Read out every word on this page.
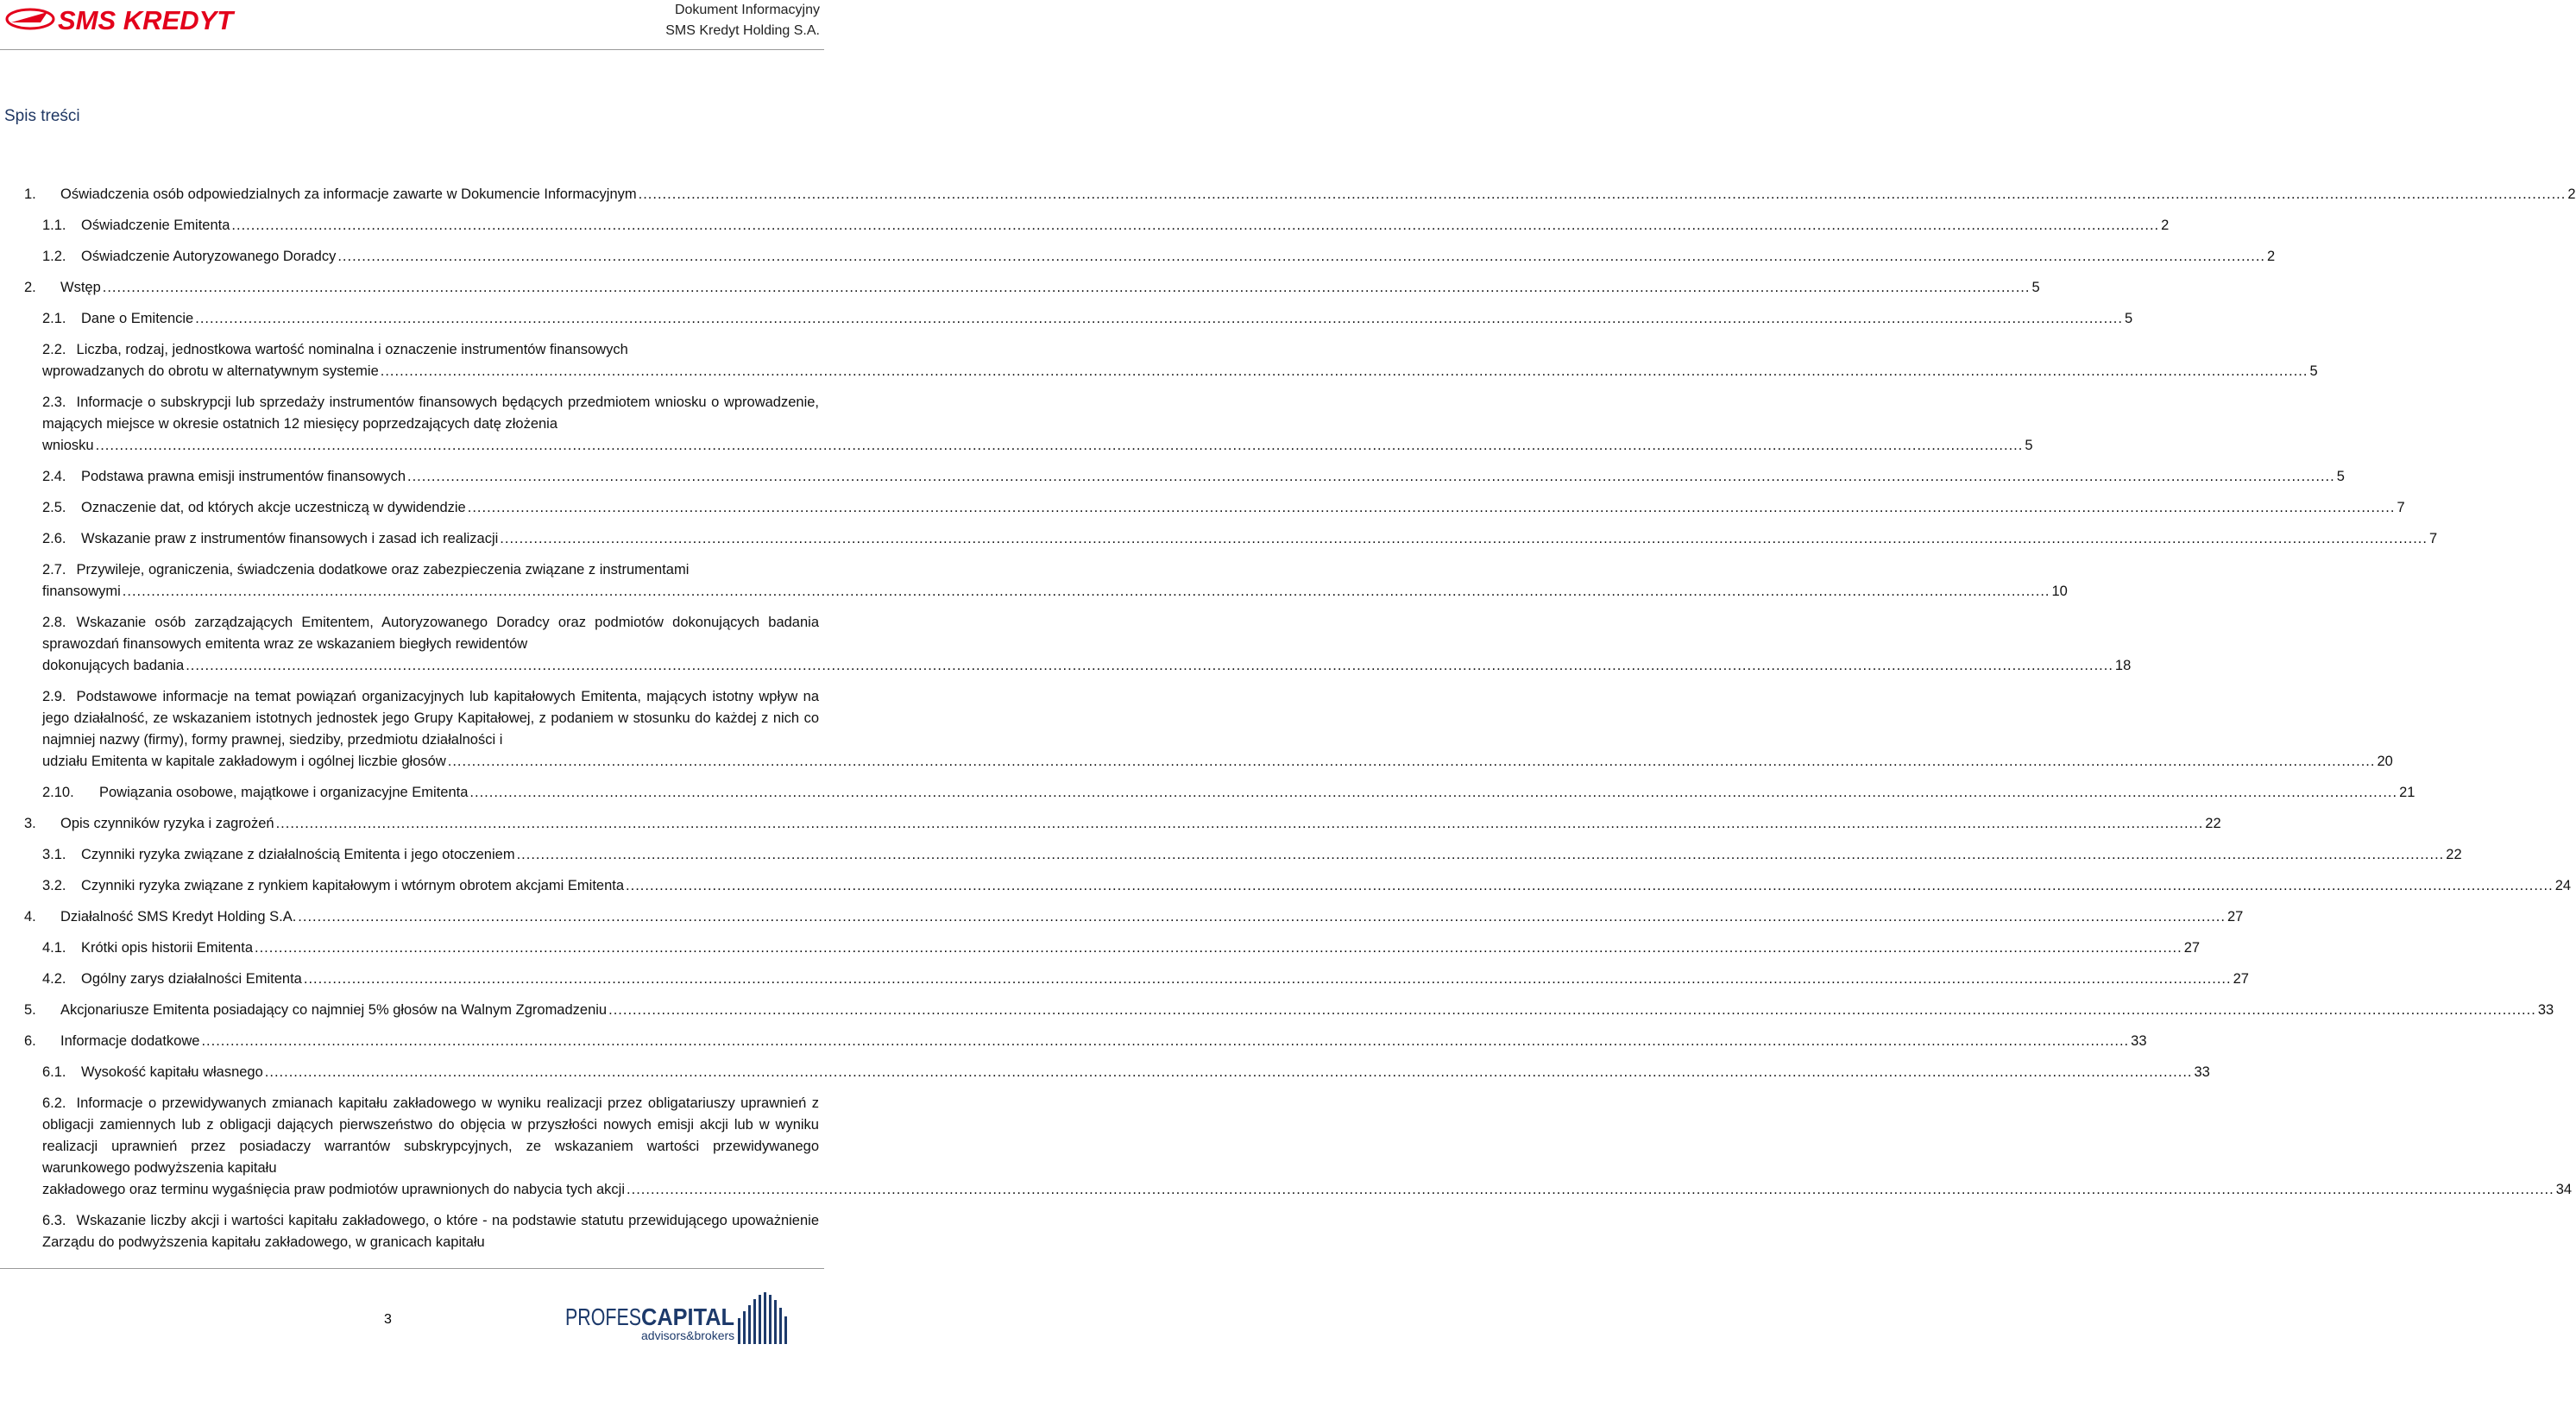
SMS KREDYT	Dokument Informacyjny
SMS Kredyt Holding S.A.
Spis treści
1.	Oświadczenia osób odpowiedzialnych za informacje zawarte w Dokumencie Informacyjnym ................................................................................................................................................................................................................................................................................................................................................................................................................ 2
1.1.	Oświadczenie Emitenta ................................................................................................................................................................................................................................................................................................................................................................................................................ 2
1.2.	Oświadczenie Autoryzowanego Doradcy ................................................................................................................................................................................................................................................................................................................................................................................................................ 2
2.	Wstęp ................................................................................................................................................................................................................................................................................................................................................................................................................ 5
2.1.	Dane o Emitencie ................................................................................................................................................................................................................................................................................................................................................................................................................ 5
2.2. Liczba, rodzaj, jednostkowa wartość nominalna i oznaczenie instrumentów finansowych
wprowadzanych do obrotu w alternatywnym systemie ................................................................................................................................................................................................................................................................................................................................................................................................................ 5
2.3. Informacje o subskrypcji lub sprzedaży instrumentów finansowych będących przedmiotem wniosku o wprowadzenie, mających miejsce w okresie ostatnich 12 miesięcy poprzedzających datę złożenia
wniosku ................................................................................................................................................................................................................................................................................................................................................................................................................ 5
2.4.	Podstawa prawna emisji instrumentów finansowych ................................................................................................................................................................................................................................................................................................................................................................................................................ 5
2.5.	Oznaczenie dat, od których akcje uczestniczą w dywidendzie ................................................................................................................................................................................................................................................................................................................................................................................................................ 7
2.6.	Wskazanie praw z instrumentów finansowych i zasad ich realizacji ................................................................................................................................................................................................................................................................................................................................................................................................................ 7
2.7. Przywileje, ograniczenia, świadczenia dodatkowe oraz zabezpieczenia związane z instrumentami
finansowymi ................................................................................................................................................................................................................................................................................................................................................................................................................ 10
2.8. Wskazanie osób zarządzających Emitentem, Autoryzowanego Doradcy oraz podmiotów dokonujących badania sprawozdań finansowych emitenta wraz ze wskazaniem biegłych rewidentów
dokonujących badania ................................................................................................................................................................................................................................................................................................................................................................................................................ 18
2.9. Podstawowe informacje na temat powiązań organizacyjnych lub kapitałowych Emitenta, mających istotny wpływ na jego działalność, ze wskazaniem istotnych jednostek jego Grupy Kapitałowej, z podaniem w stosunku do każdej z nich co najmniej nazwy (firmy), formy prawnej, siedziby, przedmiotu działalności i
udziału Emitenta w kapitale zakładowym i ogólnej liczbie głosów ................................................................................................................................................................................................................................................................................................................................................................................................................ 20
2.10.	Powiązania osobowe, majątkowe i organizacyjne Emitenta ................................................................................................................................................................................................................................................................................................................................................................................................................ 21
3.	Opis czynników ryzyka i zagrożeń ................................................................................................................................................................................................................................................................................................................................................................................................................ 22
3.1.	Czynniki ryzyka związane z działalnością Emitenta i jego otoczeniem ................................................................................................................................................................................................................................................................................................................................................................................................................ 22
3.2.	Czynniki ryzyka związane z rynkiem kapitałowym i wtórnym obrotem akcjami Emitenta ................................................................................................................................................................................................................................................................................................................................................................................................................ 24
4.	Działalność SMS Kredyt Holding S.A. ................................................................................................................................................................................................................................................................................................................................................................................................................ 27
4.1.	Krótki opis historii Emitenta ................................................................................................................................................................................................................................................................................................................................................................................................................ 27
4.2.	Ogólny zarys działalności Emitenta ................................................................................................................................................................................................................................................................................................................................................................................................................ 27
5.	Akcjonariusze Emitenta posiadający co najmniej 5% głosów na Walnym Zgromadzeniu ................................................................................................................................................................................................................................................................................................................................................................................................................ 33
6.	Informacje dodatkowe ................................................................................................................................................................................................................................................................................................................................................................................................................ 33
6.1.	Wysokość kapitału własnego ................................................................................................................................................................................................................................................................................................................................................................................................................ 33
6.2. Informacje o przewidywanych zmianach kapitału zakładowego w wyniku realizacji przez obligatariuszy uprawnień z obligacji zamiennych lub z obligacji dających pierwszeństwo do objęcia w przyszłości nowych emisji akcji lub w wyniku realizacji uprawnień przez posiadaczy warrantów subskrypcyjnych, ze wskazaniem wartości przewidywanego warunkowego podwyższenia kapitału
zakładowego oraz terminu wygaśnięcia praw podmiotów uprawnionych do nabycia tych akcji ................................................................................................................................................................................................................................................................................................................................................................................................................ 34
6.3. Wskazanie liczby akcji i wartości kapitału zakładowego, o które - na podstawie statutu przewidującego upoważnienie Zarządu do podwyższenia kapitału zakładowego, w granicach kapitału
3	PROFES CAPITAL
advisors&brokers
